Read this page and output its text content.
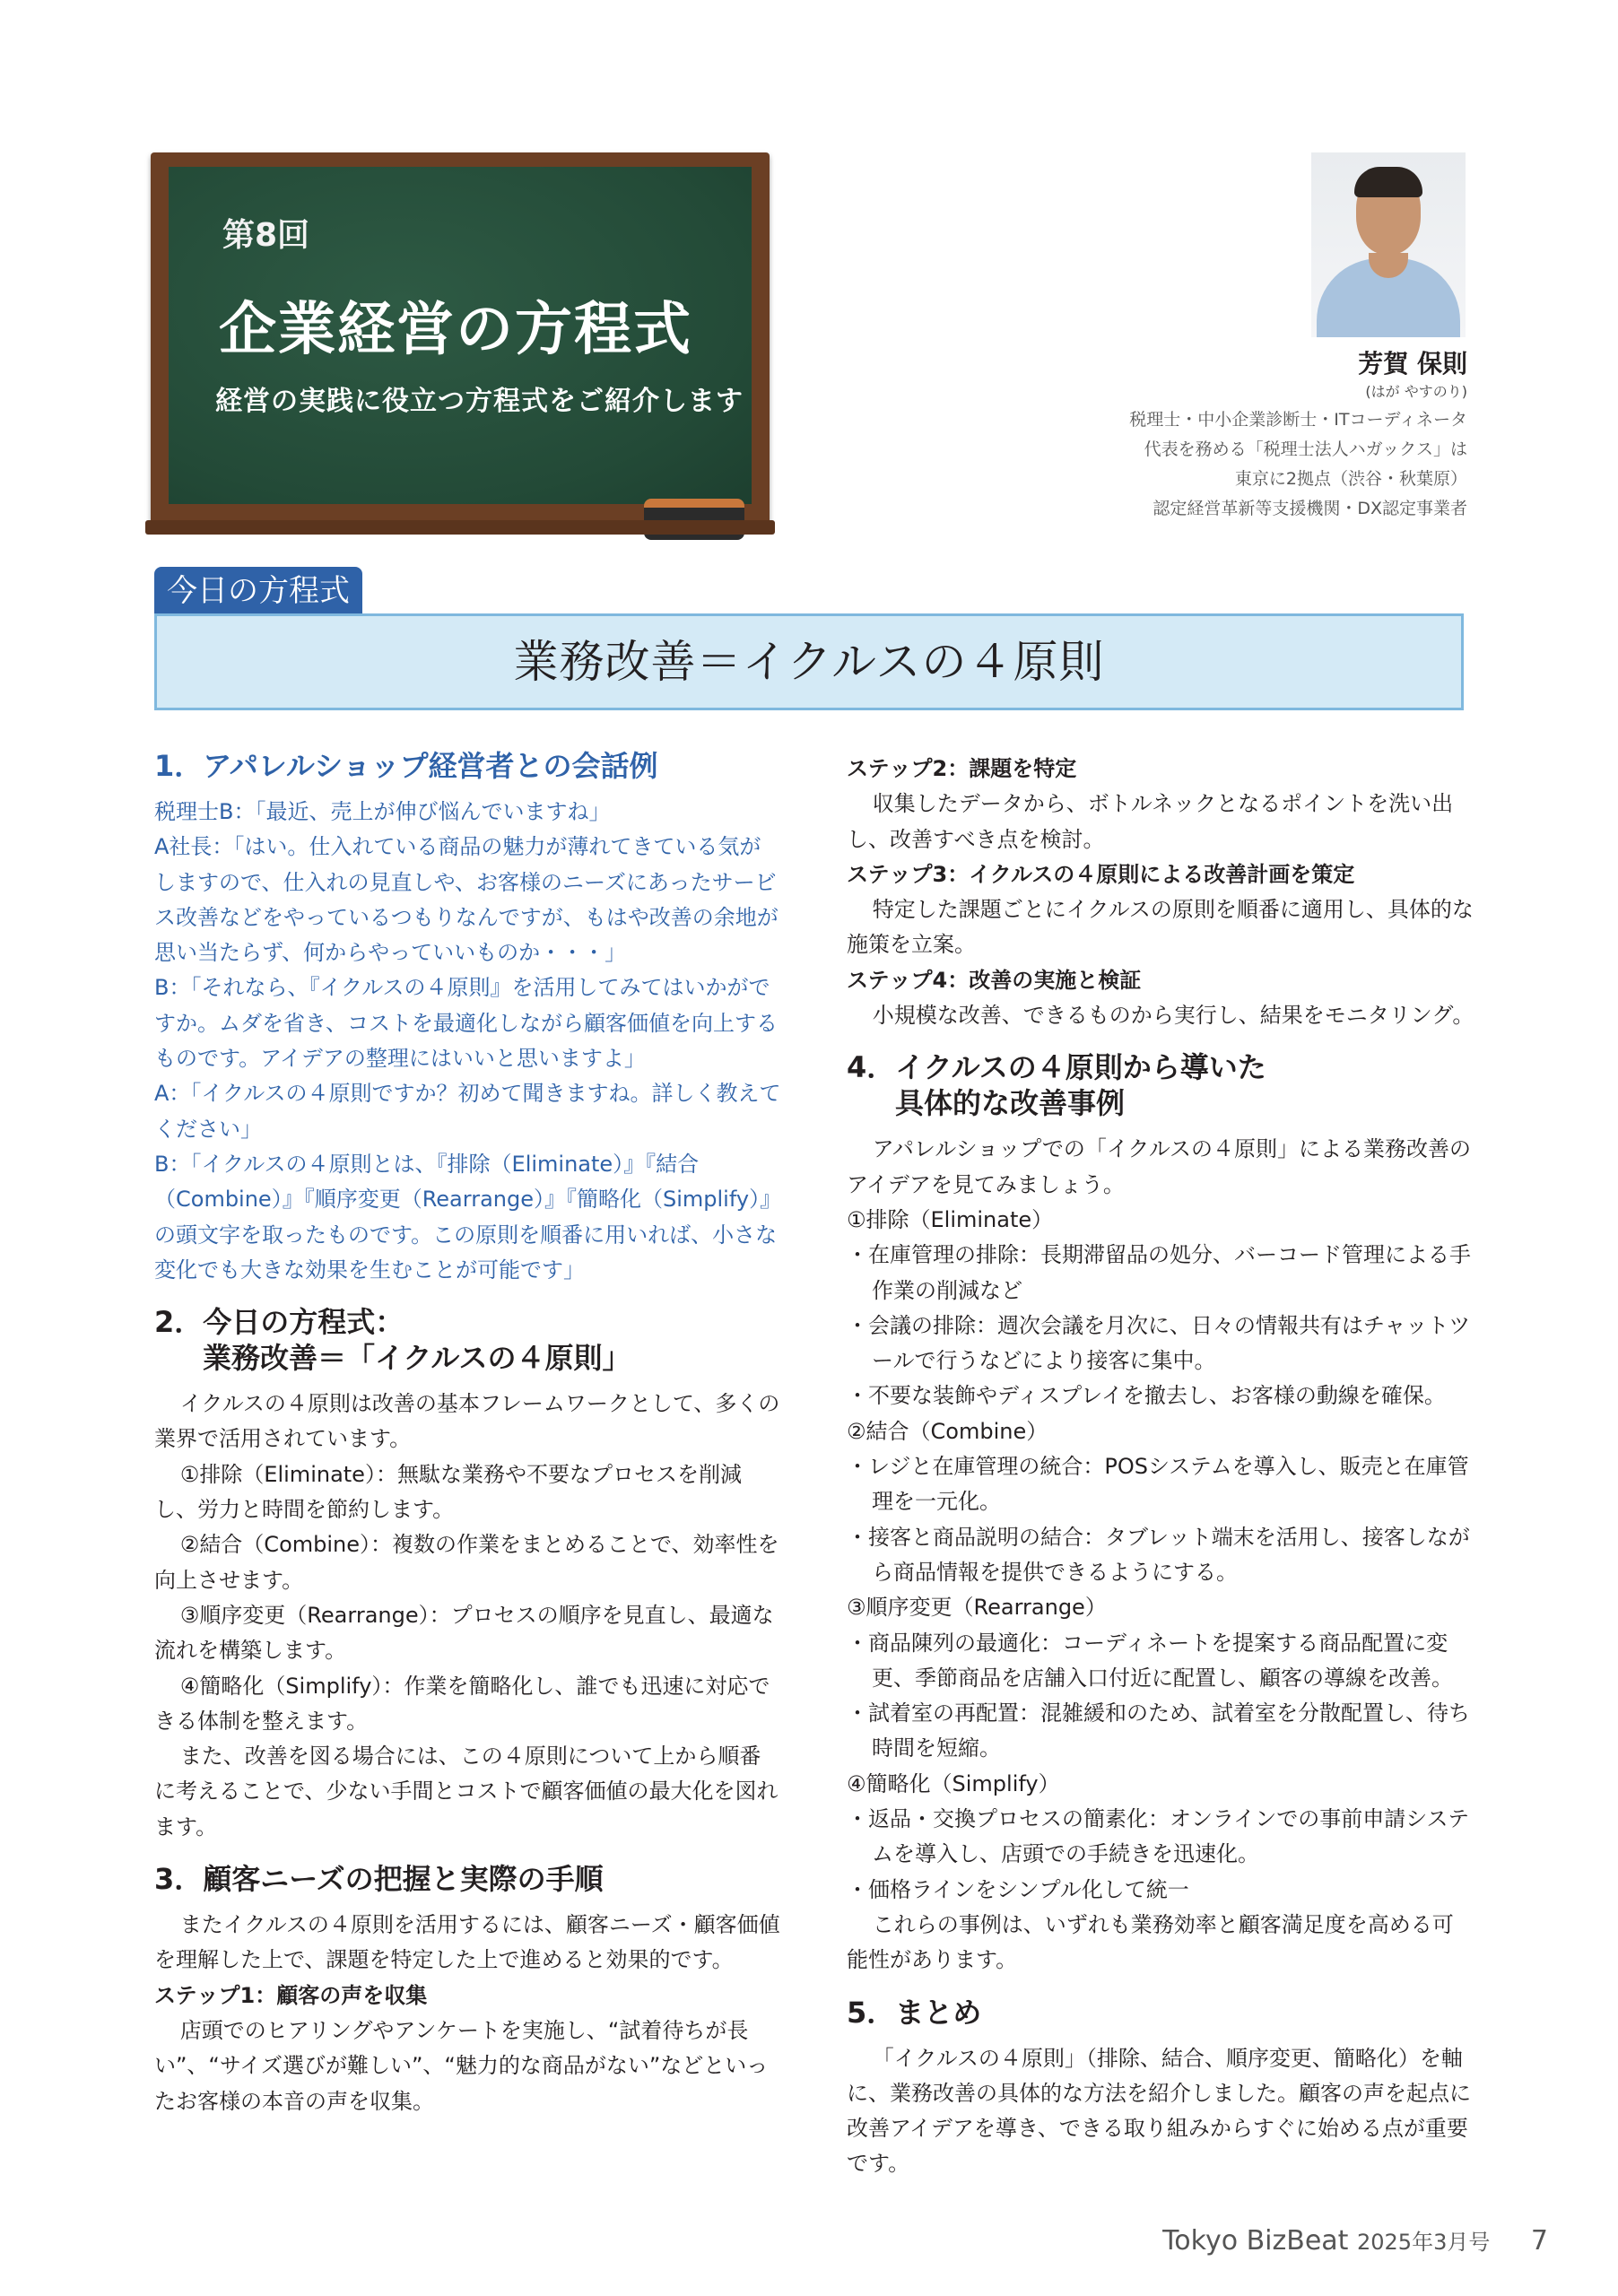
第8回
企業経営の方程式
経営の実践に役立つ方程式をご紹介します
芳賀 保則
(はが やすのり)
税理士・中小企業診断士・ITコーディネータ
代表を務める「税理士法人ハガックス」は
東京に2拠点（渋谷・秋葉原）
認定経営革新等支援機関・DX認定事業者
今日の方程式
業務改善＝イクルスの４原則
1．アパレルショップ経営者との会話例

税理士B：「最近、売上が伸び悩んでいますね」

A社長：「はい。仕入れている商品の魅力が薄れてきている気がしますので、仕入れの見直しや、お客様のニーズにあったサービス改善などをやっているつもりなんですが、もはや改善の余地が思い当たらず、何からやっていいものか・・・」

B：「それなら、『イクルスの４原則』を活用してみてはいかがですか。ムダを省き、コストを最適化しながら顧客価値を向上するものです。アイデアの整理にはいいと思いますよ」

A：「イクルスの４原則ですか？初めて聞きますね。詳しく教えてください」

B：「イクルスの４原則とは、『排除（Eliminate）』『結合（Combine）』『順序変更（Rearrange）』『簡略化（Simplify）』の頭文字を取ったものです。この原則を順番に用いれば、小さな変化でも大きな効果を生むことが可能です」

2．今日の方程式：
業務改善＝「イクルスの４原則」

イクルスの４原則は改善の基本フレームワークとして、多くの業界で活用されています。

①排除（Eliminate）：無駄な業務や不要なプロセスを削減し、労力と時間を節約します。

②結合（Combine）：複数の作業をまとめることで、効率性を向上させます。

③順序変更（Rearrange）：プロセスの順序を見直し、最適な流れを構築します。

④簡略化（Simplify）：作業を簡略化し、誰でも迅速に対応できる体制を整えます。

また、改善を図る場合には、この４原則について上から順番に考えることで、少ない手間とコストで顧客価値の最大化を図れます。

3．顧客ニーズの把握と実際の手順

またイクルスの４原則を活用するには、顧客ニーズ・顧客価値を理解した上で、課題を特定した上で進めると効果的です。

ステップ1：顧客の声を収集

店頭でのヒアリングやアンケートを実施し、“試着待ちが長い”、“サイズ選びが難しい”、“魅力的な商品がない”などといったお客様の本音の声を収集。

ステップ2：課題を特定

収集したデータから、ボトルネックとなるポイントを洗い出し、改善すべき点を検討。

ステップ3：イクルスの４原則による改善計画を策定

特定した課題ごとにイクルスの原則を順番に適用し、具体的な施策を立案。

ステップ4：改善の実施と検証

小規模な改善、できるものから実行し、結果をモニタリング。

4．イクルスの４原則から導いた
具体的な改善事例

アパレルショップでの「イクルスの４原則」による業務改善のアイデアを見てみましょう。

①排除（Eliminate）

・在庫管理の排除：長期滞留品の処分、バーコード管理による手作業の削減など

・会議の排除：週次会議を月次に、日々の情報共有はチャットツールで行うなどにより接客に集中。

・不要な装飾やディスプレイを撤去し、お客様の動線を確保。

②結合（Combine）

・レジと在庫管理の統合：POSシステムを導入し、販売と在庫管理を一元化。

・接客と商品説明の結合：タブレット端末を活用し、接客しながら商品情報を提供できるようにする。

③順序変更（Rearrange）

・商品陳列の最適化：コーディネートを提案する商品配置に変更、季節商品を店舗入口付近に配置し、顧客の導線を改善。

・試着室の再配置：混雑緩和のため、試着室を分散配置し、待ち時間を短縮。

④簡略化（Simplify）

・返品・交換プロセスの簡素化：オンラインでの事前申請システムを導入し、店頭での手続きを迅速化。

・価格ラインをシンプル化して統一

これらの事例は、いずれも業務効率と顧客満足度を高める可能性があります。

5．まとめ

「イクルスの４原則」（排除、結合、順序変更、簡略化）を軸に、業務改善の具体的な方法を紹介しました。顧客の声を起点に改善アイデアを導き、できる取り組みからすぐに始める点が重要です。

Tokyo BizBeat 2025年3月号 7
